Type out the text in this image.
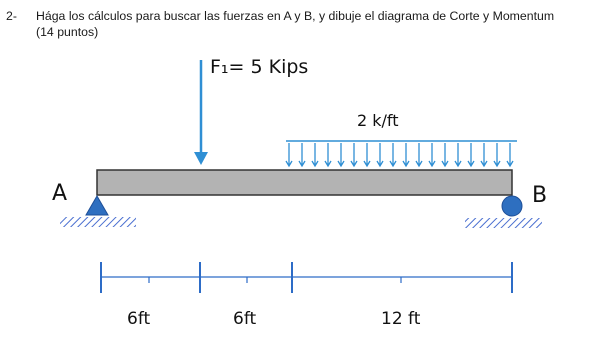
2- Hága los cálculos para buscar las fuerzas en A y B, y dibuje el diagrama de Corte y Momentum
(14 puntos)
F₁= 5 Kips
2 k/ft
A	B
6ft	6ft	12 ft
